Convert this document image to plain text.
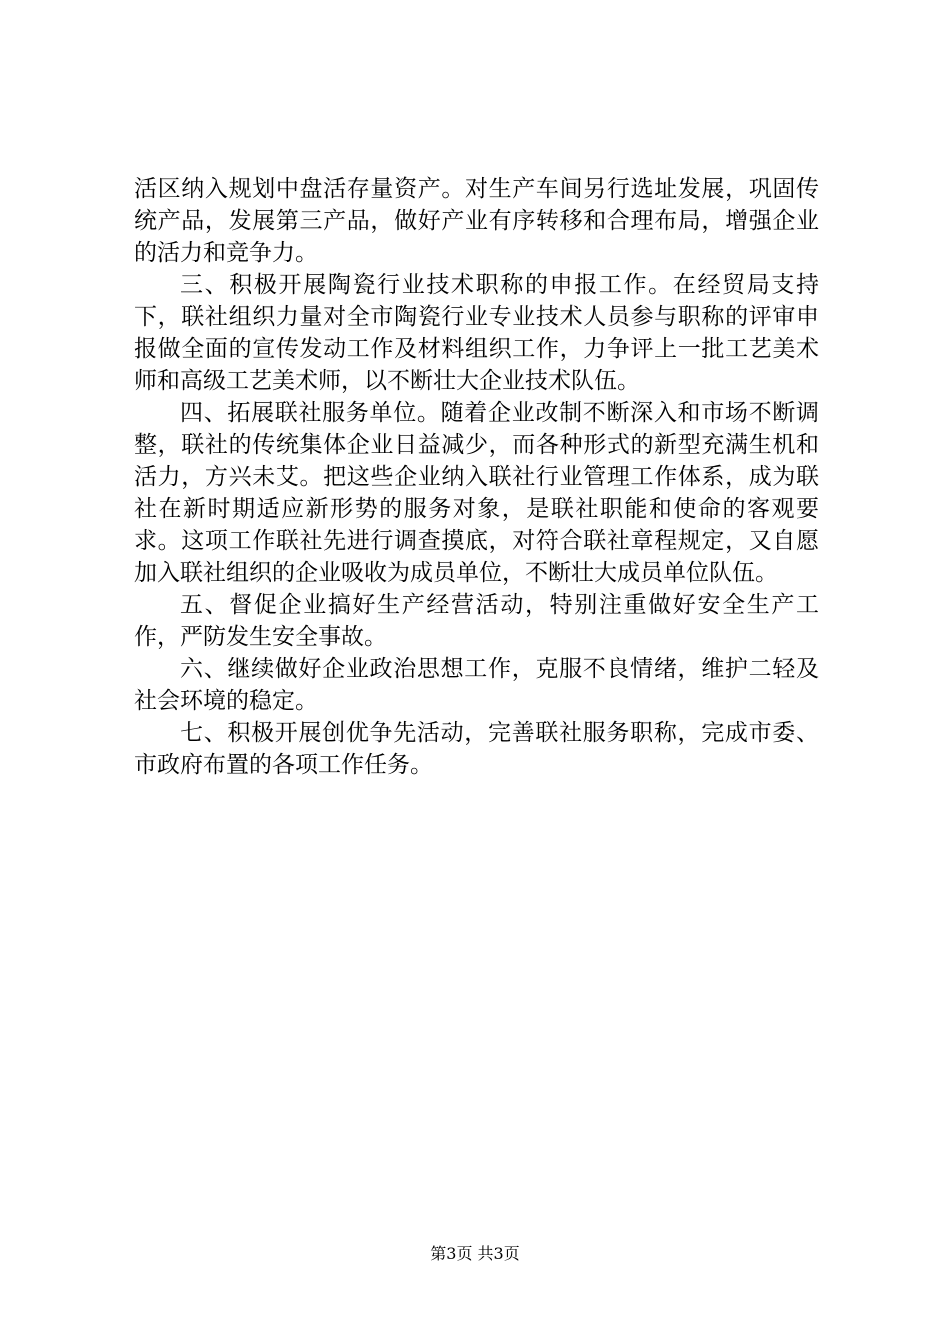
活区纳入规划中盘活存量资产。对生产车间另行选址发展，巩固传统产品，发展第三产品，做好产业有序转移和合理布局，增强企业的活力和竞争力。

三、积极开展陶瓷行业技术职称的申报工作。在经贸局支持下，联社组织力量对全市陶瓷行业专业技术人员参与职称的评审申报做全面的宣传发动工作及材料组织工作，力争评上一批工艺美术师和高级工艺美术师，以不断壮大企业技术队伍。

四、拓展联社服务单位。随着企业改制不断深入和市场不断调整，联社的传统集体企业日益减少，而各种形式的新型充满生机和活力，方兴未艾。把这些企业纳入联社行业管理工作体系，成为联社在新时期适应新形势的服务对象，是联社职能和使命的客观要求。这项工作联社先进行调查摸底，对符合联社章程规定，又自愿加入联社组织的企业吸收为成员单位，不断壮大成员单位队伍。

五、督促企业搞好生产经营活动，特别注重做好安全生产工作，严防发生安全事故。

六、继续做好企业政治思想工作，克服不良情绪，维护二轻及社会环境的稳定。

七、积极开展创优争先活动，完善联社服务职称，完成市委、市政府布置的各项工作任务。

第3页 共3页
